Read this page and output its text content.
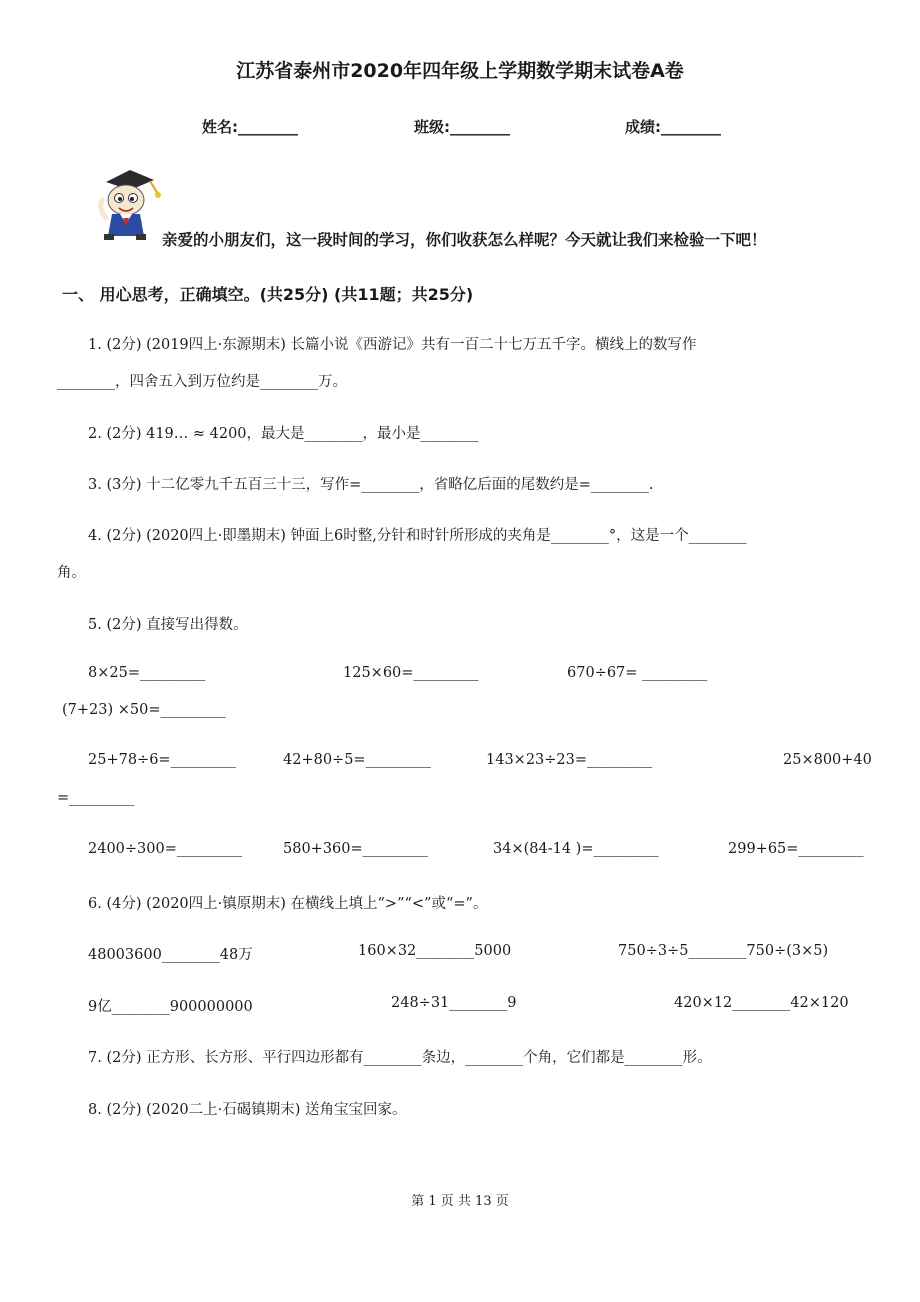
江苏省泰州市2020年四年级上学期数学期末试卷A卷
姓名:________	班级:________	成绩:________
亲爱的小朋友们，这一段时间的学习，你们收获怎么样呢？今天就让我们来检验一下吧！
一、 用心思考，正确填空。(共25分) (共11题；共25分)
1. (2分) (2019四上·东源期末) 长篇小说《西游记》共有一百二十七万五千字。横线上的数写作
________，四舍五入到万位约是________万。
2. (2分) 419… ≈ 4200，最大是________，最小是________
3. (3分) 十二亿零九千五百三十三，写作=________，省略亿后面的尾数约是=________.
4. (2分) (2020四上·即墨期末) 钟面上6时整,分针和时针所形成的夹角是________°，这是一个________
角。
5. (2分) 直接写出得数。
8×25=_________	125×60=_________	670÷67= _________
(7+23) ×50=_________
25+78÷6=_________	42+80÷5=_________	143×23÷23=_________	25×800+40
=_________
2400÷300=_________	580+360=_________	34×(84-14 )=_________	299+65=_________
6. (4分) (2020四上·镇原期末) 在横线上填上“>”“<”或“=”。
48003600________48万	160×32________5000	750÷3÷5________750÷(3×5)
9亿________900000000	248÷31________9	420×12________42×120
7. (2分) 正方形、长方形、平行四边形都有________条边，________个角，它们都是________形。
8. (2分) (2020二上·石碣镇期末) 送角宝宝回家。
第 1 页 共 13 页
